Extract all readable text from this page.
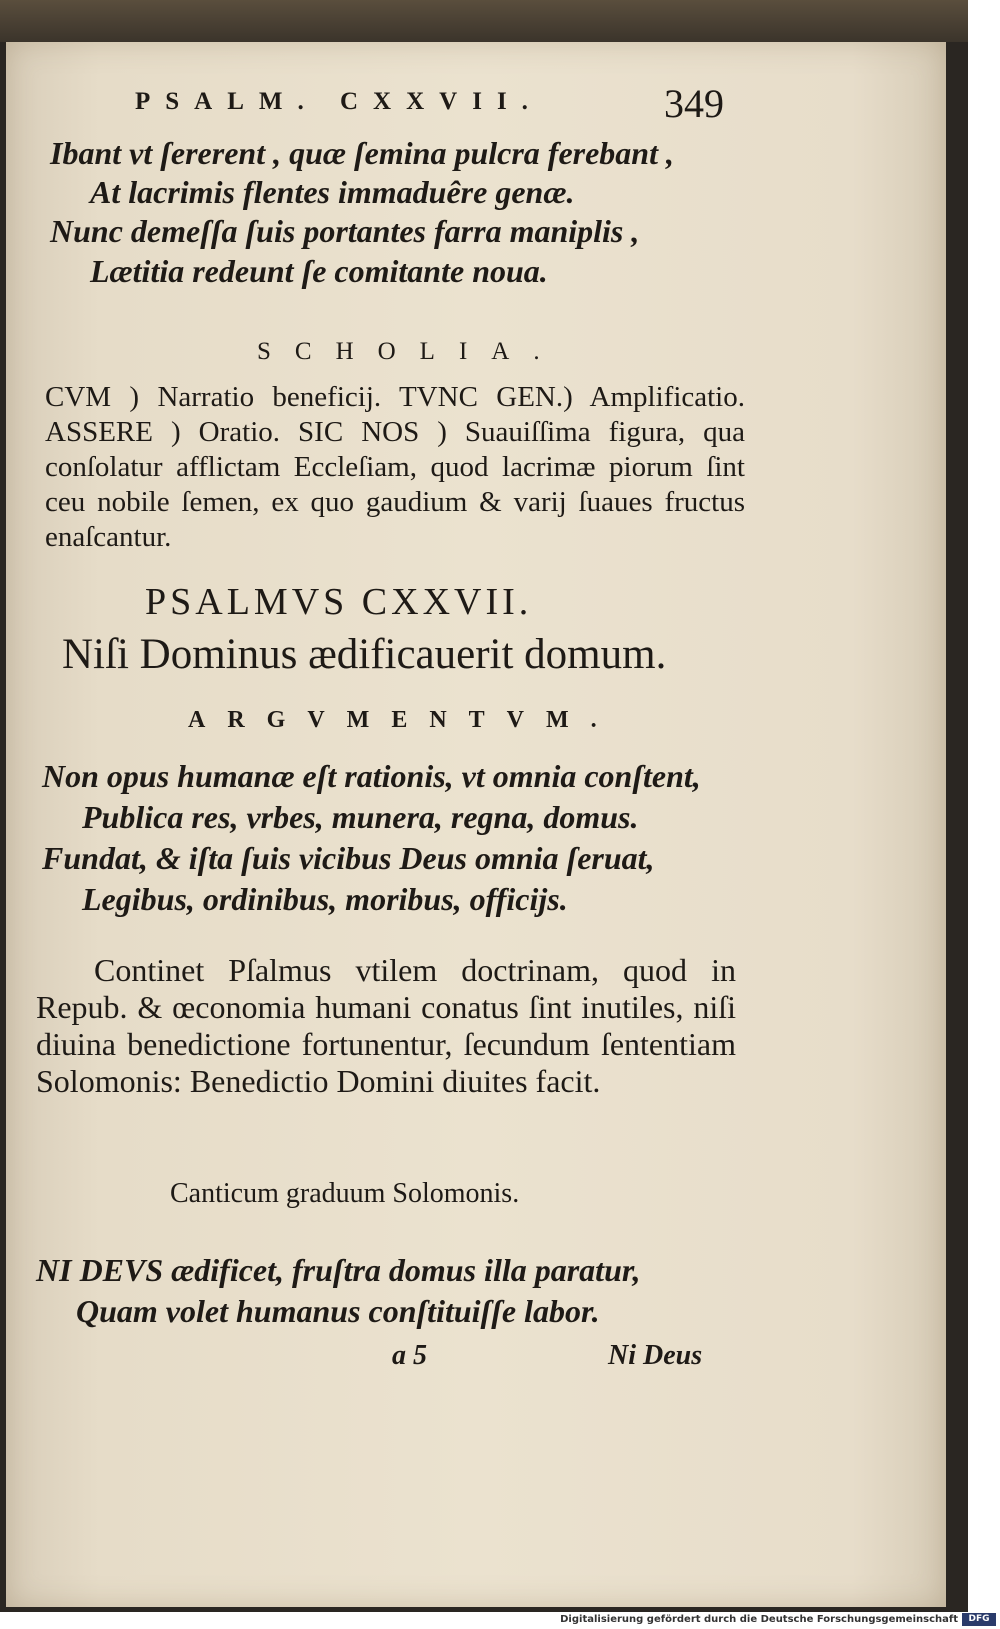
PSALM. CXXVII.	349
Ibant vt ſererent , quæ ſemina pulcra ferebant ,
At lacrimis flentes immaduêre genæ.
Nunc demeſſa ſuis portantes farra maniplis ,
Lætitia redeunt ſe comitante noua.
SCHOLIA.
CVM ) Narratio beneficij. TVNC GEN.) Amplificatio. ASSERE ) Oratio. SIC NOS ) Suauiſſima figura, qua conſolatur afflictam Eccleſiam, quod lacrimæ piorum ſint ceu nobile ſemen, ex quo gaudium & varij ſuaues fructus enaſcantur.
PSALMVS CXXVII.
Niſi Dominus ædificauerit domum.
ARGVMENTVM.
Non opus humanæ eſt rationis, vt omnia conſtent,
Publica res, vrbes, munera, regna, domus.
Fundat, & iſta ſuis vicibus Deus omnia ſeruat,
Legibus, ordinibus, moribus, officijs.
Continet Pſalmus vtilem doctrinam, quod in Repub. & œconomia humani conatus ſint inutiles, niſi diuina benedictione fortunentur, ſecundum ſententiam Solomonis: Benedictio Domini diuites facit.
Canticum graduum Solomonis.
NI DEVS ædificet, fruſtra domus illa paratur,
Quam volet humanus conſtituiſſe labor.
a 5	Ni Deus
Digitalisierung gefördert durch die Deutsche Forschungsgemeinschaft	DFG
